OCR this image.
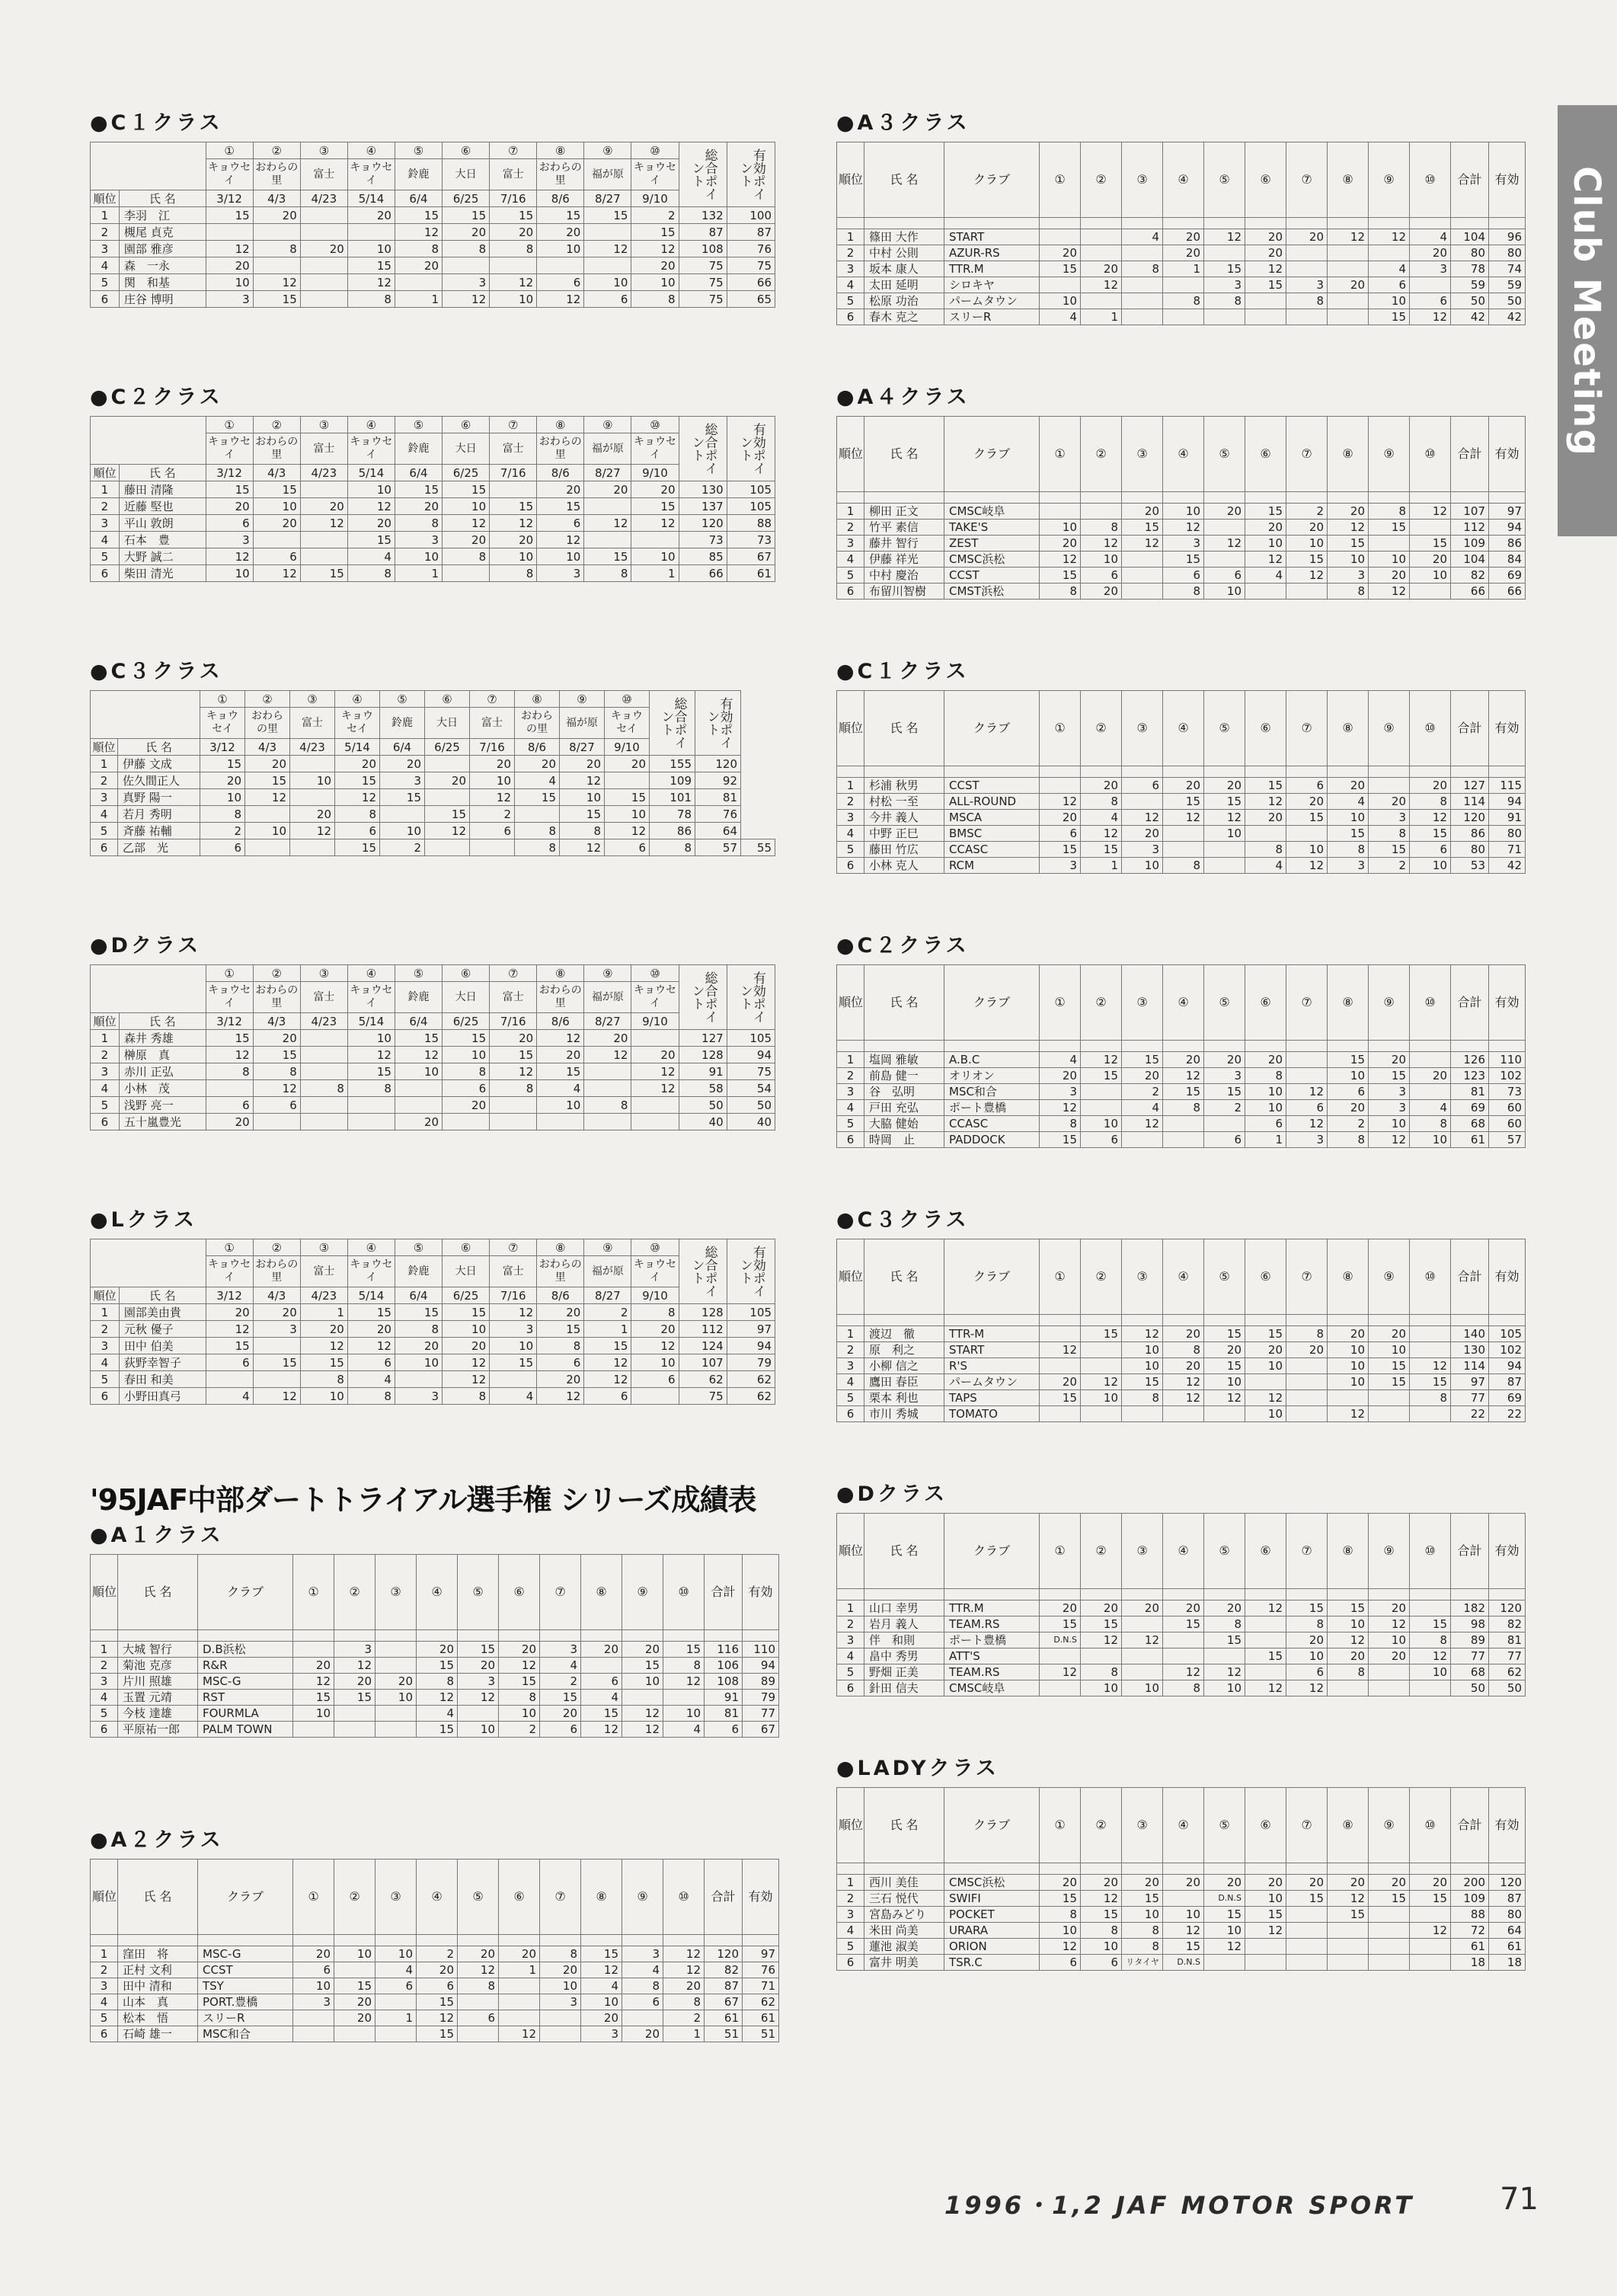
●C１クラス
		①	②	③	④	⑤	⑥	⑦	⑧	⑨	⑩	総合ポイント	有効ポイント
		キョウセイ	おわらの里	富士	キョウセイ	鈴鹿	大日	富士	おわらの里	福が原	キョウセイ		
順位	氏 名	3/12	4/3	4/23	5/14	6/4	6/25	7/16	8/6	8/27	9/10		
1	李羽　江	15	20		20	15	15	15	15	15	2	132	100
2	槻尾 貞克					12	20	20	20		15	87	87
3	園部 雅彦	12	8	20	10	8	8	8	10	12	12	108	76
4	森　一永	20			15	20					20	75	75
5	関　和基	10	12		12		3	12	6	10	10	75	66
6	庄谷 博明	3	15		8	1	12	10	12	6	8	75	65
●C２クラス
		①	②	③	④	⑤	⑥	⑦	⑧	⑨	⑩	総合ポイント	有効ポイント
		キョウセイ	おわらの里	富士	キョウセイ	鈴鹿	大日	富士	おわらの里	福が原	キョウセイ		
順位	氏 名	3/12	4/3	4/23	5/14	6/4	6/25	7/16	8/6	8/27	9/10		
1	藤田 清隆	15	15		10	15	15		20	20	20	130	105
2	近藤 堅也	20	10	20	12	20	10	15	15		15	137	105
3	平山 敦朗	6	20	12	20	8	12	12	6	12	12	120	88
4	石本　豊	3			15	3	20	20	12			73	73
5	大野 誠二	12	6		4	10	8	10	10	15	10	85	67
6	柴田 清光	10	12	15	8	1		8	3	8	1	66	61
●C３クラス
		①	②	③	④	⑤	⑥	⑦	⑧	⑨	⑩	総合ポイント	有効ポイント	
		キョウセイ	おわらの里	富士	キョウセイ	鈴鹿	大日	富士	おわらの里	福が原	キョウセイ			
順位	氏 名	3/12	4/3	4/23	5/14	6/4	6/25	7/16	8/6	8/27	9/10			
1	伊藤 文成	15	20		20	20		20	20	20	20	155	120	
2	佐久間正人	20	15	10	15	3	20	10	4	12		109	92	
3	真野 陽一	10	12		12	15		12	15	10	15	101	81	
4	若月 秀明	8		20	8		15	2		15	10	78	76	
5	斉藤 祐輔	2	10	12	6	10	12	6	8	8	12	86	64	
6	乙部　光	6			15	2			8	12	6	8	57	55
●Dクラス
		①	②	③	④	⑤	⑥	⑦	⑧	⑨	⑩	総合ポイント	有効ポイント
		キョウセイ	おわらの里	富士	キョウセイ	鈴鹿	大日	富士	おわらの里	福が原	キョウセイ		
順位	氏 名	3/12	4/3	4/23	5/14	6/4	6/25	7/16	8/6	8/27	9/10		
1	森井 秀雄	15	20		10	15	15	20	12	20		127	105
2	榊原　真	12	15		12	12	10	15	20	12	20	128	94
3	赤川 正弘	8	8		15	10	8	12	15		12	91	75
4	小林　茂		12	8	8		6	8	4		12	58	54
5	浅野 亮一	6	6				20		10	8		50	50
6	五十嵐豊光	20				20						40	40
●Lクラス
		①	②	③	④	⑤	⑥	⑦	⑧	⑨	⑩	総合ポイント	有効ポイント
		キョウセイ	おわらの里	富士	キョウセイ	鈴鹿	大日	富士	おわらの里	福が原	キョウセイ		
順位	氏 名	3/12	4/3	4/23	5/14	6/4	6/25	7/16	8/6	8/27	9/10		
1	園部美由貴	20	20	1	15	15	15	12	20	2	8	128	105
2	元秋 優子	12	3	20	20	8	10	3	15	1	20	112	97
3	田中 伯美	15		12	12	20	20	10	8	15	12	124	94
4	荻野幸智子	6	15	15	6	10	12	15	6	12	10	107	79
5	春田 和美			8	4		12		20	12	6	62	62
6	小野田真弓	4	12	10	8	3	8	4	12	6		75	62
'95JAF中部ダートトライアル選手権 シリーズ成績表
●A１クラス
順位	氏 名	クラブ	①	②	③	④	⑤	⑥	⑦	⑧	⑨	⑩	合計	有効	

1	大城 智行	D.B浜松		3		20	15	20	3	20	20	15	116	110	
2	菊池 克彦	R&R	20	12		15	20	12	4		15	8	106	94	
3	片川 照雄	MSC-G	12	20	20	8	3	15	2	6	10	12	108	89	
4	玉置 元靖	RST	15	15	10	12	12	8	15	4			91	79	
5	今枝 達雄	FOURMLA	10			4		10	20	15	12	10	81	77	
6	平原祐一郎	PALM TOWN				15	10	2	6	12	12	4	6	67	
●A２クラス
順位	氏 名	クラブ	①	②	③	④	⑤	⑥	⑦	⑧	⑨	⑩	合計	有効

1	窪田　将	MSC-G	20	10	10	2	20	20	8	15	3	12	120	97
2	正村 文利	CCST	6		4	20	12	1	20	12	4	12	82	76
3	田中 清和	TSY	10	15	6	6	8		10	4	8	20	87	71
4	山本　真	PORT.豊橋	3	20		15			3	10	6	8	67	62
5	松本　悟	スリーR		20	1	12	6			20		2	61	61
6	石崎 雄一	MSC和合				15		12		3	20	1	51	51
●A３クラス
順位	氏 名	クラブ	①	②	③	④	⑤	⑥	⑦	⑧	⑨	⑩	合計	有効

1	篠田 大作	START			4	20	12	20	20	12	12	4	104	96
2	中村 公則	AZUR-RS	20			20		20				20	80	80
3	坂本 康人	TTR.M	15	20	8	1	15	12			4	3	78	74
4	太田 延明	シロキヤ		12			3	15	3	20	6		59	59
5	松原 功治	パームタウン	10			8	8		8		10	6	50	50
6	春木 克之	スリーR	4	1							15	12	42	42
●A４クラス
順位	氏 名	クラブ	①	②	③	④	⑤	⑥	⑦	⑧	⑨	⑩	合計	有効

1	柳田 正文	CMSC岐阜			20	10	20	15	2	20	8	12	107	97
2	竹平 素信	TAKE'S	10	8	15	12		20	20	12	15		112	94
3	藤井 智行	ZEST	20	12	12	3	12	10	10	15		15	109	86
4	伊藤 祥光	CMSC浜松	12	10		15		12	15	10	10	20	104	84
5	中村 慶治	CCST	15	6		6	6	4	12	3	20	10	82	69
6	布留川智樹	CMST浜松	8	20		8	10			8	12		66	66
●C１クラス
順位	氏 名	クラブ	①	②	③	④	⑤	⑥	⑦	⑧	⑨	⑩	合計	有効

1	杉浦 秋男	CCST		20	6	20	20	15	6	20		20	127	115
2	村松 一至	ALL-ROUND	12	8		15	15	12	20	4	20	8	114	94
3	今井 義人	MSCA	20	4	12	12	12	20	15	10	3	12	120	91
4	中野 正巳	BMSC	6	12	20		10			15	8	15	86	80
5	藤田 竹広	CCASC	15	15	3			8	10	8	15	6	80	71
6	小林 克人	RCM	3	1	10	8		4	12	3	2	10	53	42
●C２クラス
順位	氏 名	クラブ	①	②	③	④	⑤	⑥	⑦	⑧	⑨	⑩	合計	有効

1	塩岡 雅敏	A.B.C	4	12	15	20	20	20		15	20		126	110
2	前島 健一	オリオン	20	15	20	12	3	8		10	15	20	123	102
3	谷　弘明	MSC和合	3		2	15	15	10	12	6	3		81	73
4	戸田 充弘	ポート豊橋	12		4	8	2	10	6	20	3	4	69	60
5	大脇 健始	CCASC	8	10	12			6	12	2	10	8	68	60
6	時岡　止	PADDOCK	15	6			6	1	3	8	12	10	61	57
●C３クラス
順位	氏 名	クラブ	①	②	③	④	⑤	⑥	⑦	⑧	⑨	⑩	合計	有効

1	渡辺　徹	TTR-M		15	12	20	15	15	8	20	20		140	105
2	原　利之	START	12		10	8	20	20	20	10	10		130	102
3	小柳 信之	R'S			10	20	15	10		10	15	12	114	94
4	鷹田 春臣	パームタウン	20	12	15	12	10			10	15	15	97	87
5	栗本 利也	TAPS	15	10	8	12	12	12				8	77	69
6	市川 秀城	TOMATO						10		12			22	22
●Dクラス
順位	氏 名	クラブ	①	②	③	④	⑤	⑥	⑦	⑧	⑨	⑩	合計	有効

1	山口 幸男	TTR.M	20	20	20	20	20	12	15	15	20		182	120
2	岩月 義人	TEAM.RS	15	15		15	8		8	10	12	15	98	82
3	伴　和則	ポート豊橋	D.N.S	12	12		15		20	12	10	8	89	81
4	畠中 秀男	ATT'S						15	10	20	20	12	77	77
5	野畑 正美	TEAM.RS	12	8		12	12		6	8		10	68	62
6	針田 信夫	CMSC岐阜		10	10	8	10	12	12				50	50
●LADYクラス
順位	氏 名	クラブ	①	②	③	④	⑤	⑥	⑦	⑧	⑨	⑩	合計	有効

1	西川 美佳	CMSC浜松	20	20	20	20	20	20	20	20	20	20	200	120
2	三石 悦代	SWIFI	15	12	15		D.N.S	10	15	12	15	15	109	87
3	宮島みどり	POCKET	8	15	10	10	15	15		15			88	80
4	米田 尚美	URARA	10	8	8	12	10	12				12	72	64
5	蓮池 淑美	ORION	12	10	8	15	12						61	61
6	富井 明美	TSR.C	6	6	リタイヤ	D.N.S							18	18
Club Meeting
1996・1,2 JAF MOTOR SPORT	71
